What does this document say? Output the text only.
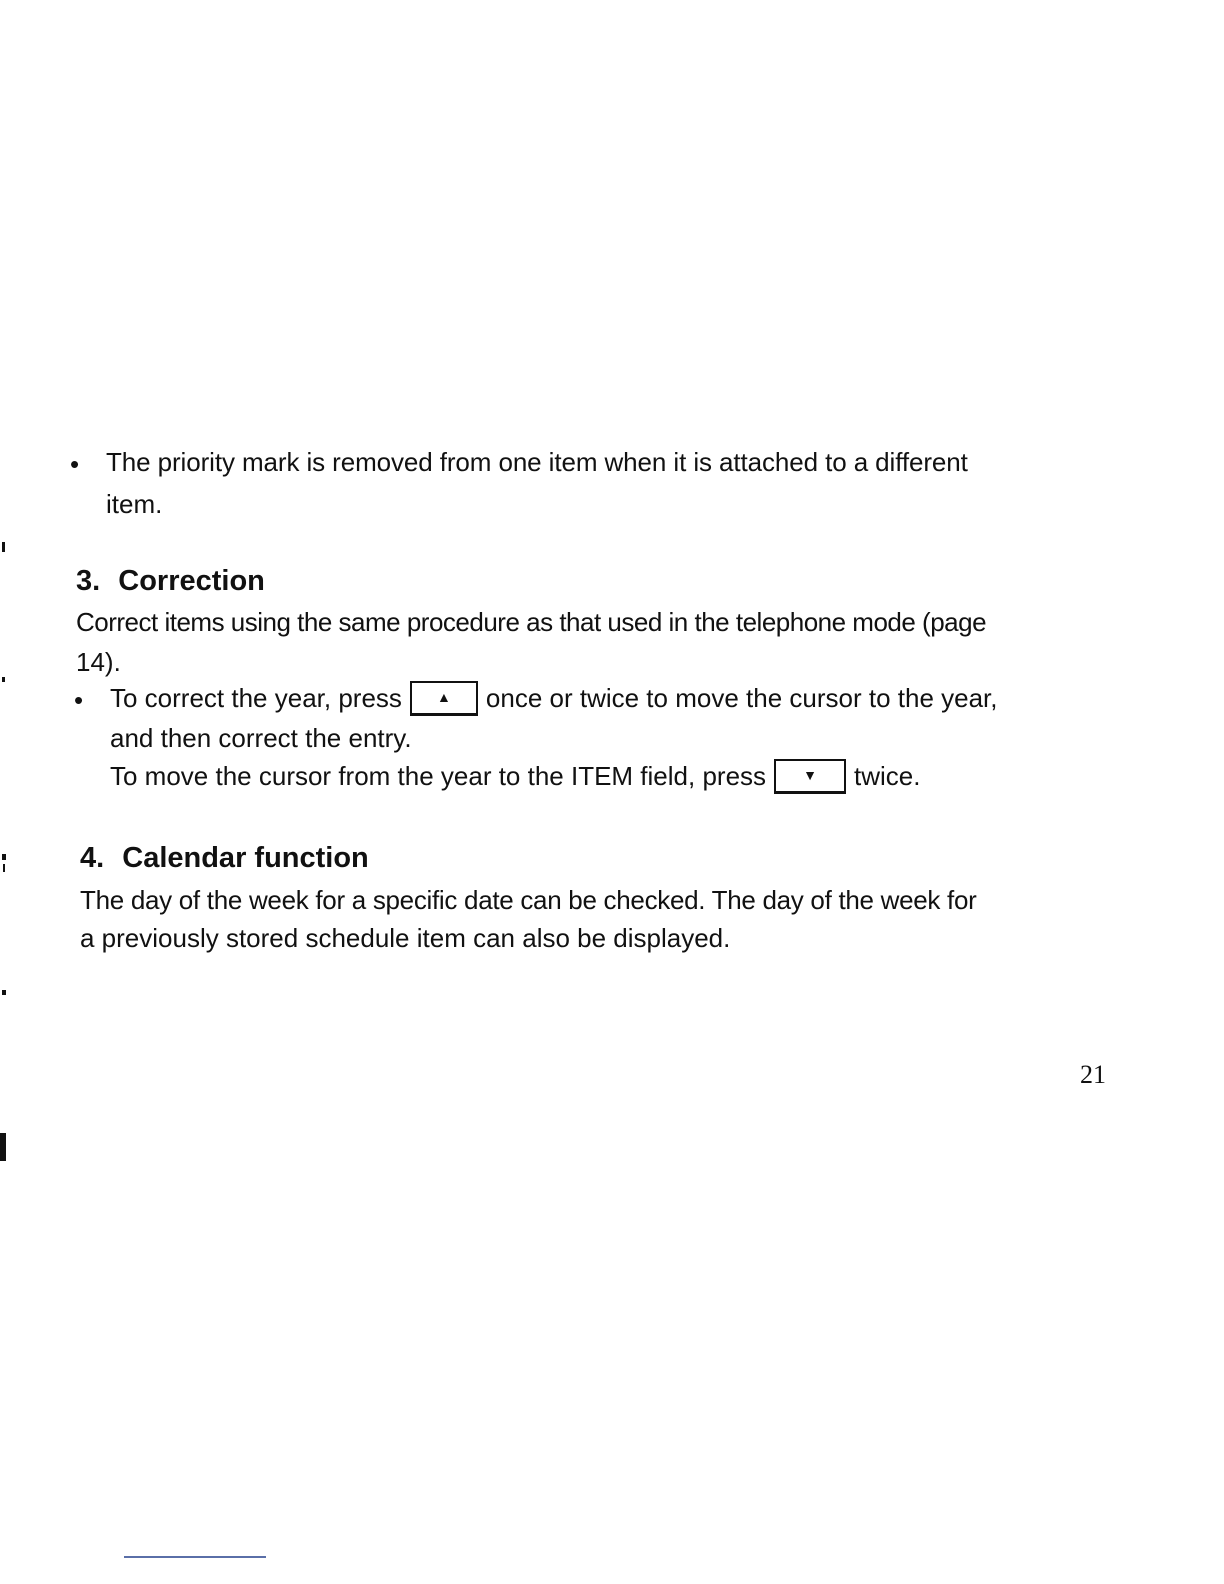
• The priority mark is removed from one item when it is attached to a different
item.
3. Correction
Correct items using the same procedure as that used in the telephone mode (page
14).
• To correct the year, press	▲	once or twice to move the cursor to the year,
and then correct the entry.
To move the cursor from the year to the ITEM field, press	▼	twice.
4. Calendar function
The day of the week for a specific date can be checked. The day of the week for
a previously stored schedule item can also be displayed.
21
